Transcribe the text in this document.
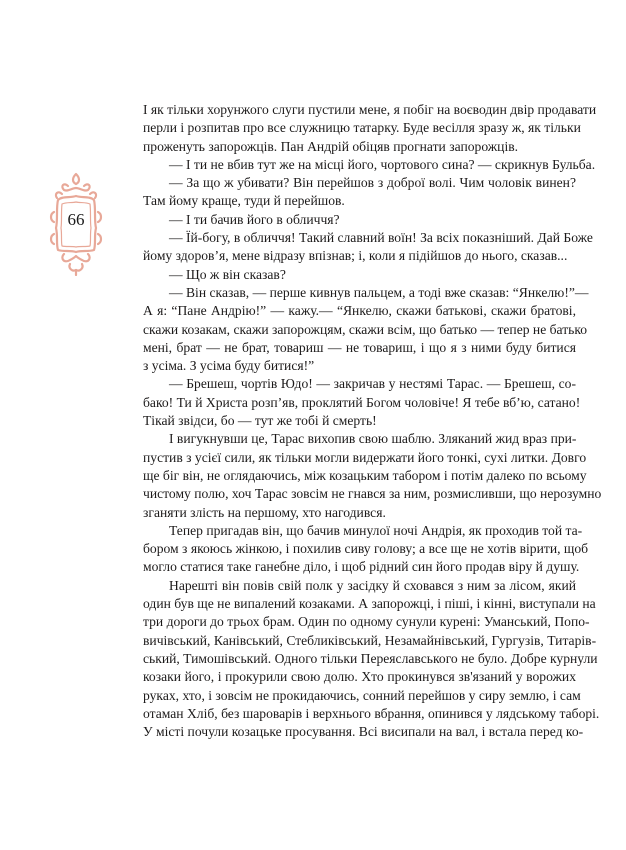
66
І як тільки хорунжого слуги пустили мене, я побіг на воєводин двір продавати
перли і розпитав про все служницю татарку. Буде весілля зразу ж, як тільки
проженуть запорожців. Пан Андрій обіцяв прогнати запорожців.
— І ти не вбив тут же на місці його, чортового сина? — скрикнув Бульба.
— За що ж убивати? Він перейшов з доброї волі. Чим чоловік винен?
Там йому краще, туди й перейшов.
— І ти бачив його в обличчя?
— Їй-богу, в обличчя! Такий славний воїн! За всіх показніший. Дай Боже
йому здоров’я, мене відразу впізнав; і, коли я підійшов до нього, сказав...
— Що ж він сказав?
— Він сказав, — перше кивнув пальцем, а тоді вже сказав: “Янкелю!”—
А я: “Пане Андрію!” — кажу.— “Янкелю, скажи батькові, скажи братові,
скажи козакам, скажи запорожцям, скажи всім, що батько — тепер не батько
мені, брат — не брат, товариш — не товариш, і що я з ними буду битися
з усіма. З усіма буду битися!”
— Брешеш, чортів Юдо! — закричав у нестямі Тарас. — Брешеш, со-
бако! Ти й Христа розп’яв, проклятий Богом чоловіче! Я тебе вб’ю, сатано!
Тікай звідси, бо — тут же тобі й смерть!
І вигукнувши це, Тарас вихопив свою шаблю. Зляканий жид враз при-
пустив з усієї сили, як тільки могли видержати його тонкі, сухі литки. Довго
ще біг він, не оглядаючись, між козацьким табором і потім далеко по всьому
чистому полю, хоч Тарас зовсім не гнався за ним, розмисливши, що нерозумно
зганяти злість на першому, хто нагодився.
Тепер пригадав він, що бачив минулої ночі Андрія, як проходив той та-
бором з якоюсь жінкою, і похилив сиву голову; а все ще не хотів вірити, щоб
могло статися таке ганебне діло, і щоб рідний син його продав віру й душу.
Нарешті він повів свій полк у засідку й сховався з ним за лісом, який
один був ще не випалений козаками. А запорожці, і піші, і кінні, виступали на
три дороги до трьох брам. Один по одному сунули курені: Уманський, Попо-
вичівський, Канівський, Стебликівський, Незамайнівський, Гургузів, Титарів-
ський, Тимошівський. Одного тільки Переяславського не було. Добре курнули
козаки його, і прокурили свою долю. Хто прокинувся зв'язаний у ворожих
руках, хто, і зовсім не прокидаючись, сонний перейшов у сиру землю, і сам
отаман Хліб, без шароварів і верхнього вбрання, опинився у лядському таборі.
У місті почули козацьке просування. Всі висипали на вал, і встала перед ко-
